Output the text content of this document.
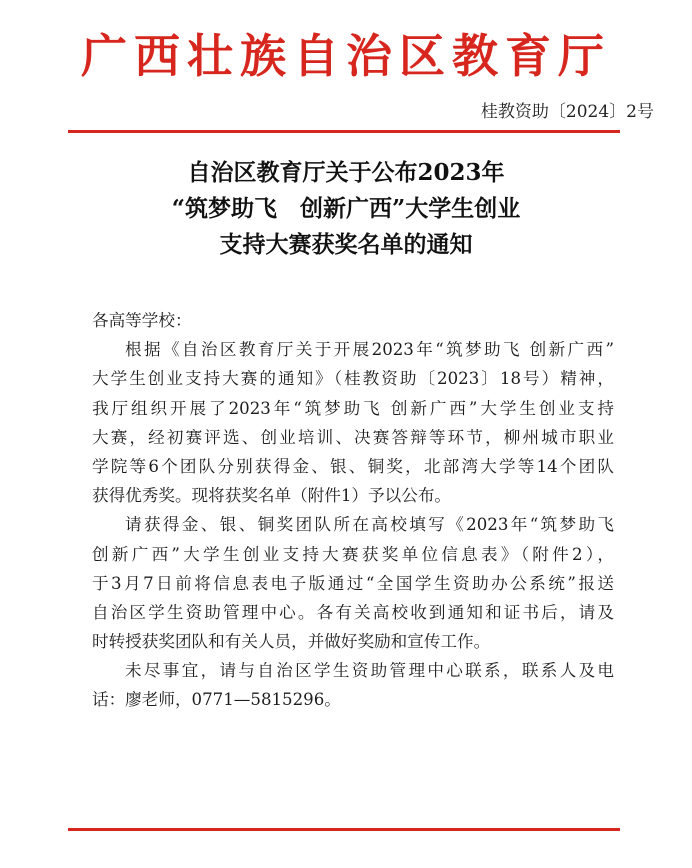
广西壮族自治区教育厅
桂教资助〔2024〕2号
自治区教育厅关于公布2023年
“筑梦助飞　创新广西”大学生创业
支持大赛获奖名单的通知
各高等学校：
根据《自治区教育厅关于开展2023年“筑梦助飞 创新广西”
大学生创业支持大赛的通知》（桂教资助〔2023〕18号）精神，
我厅组织开展了2023年“筑梦助飞 创新广西”大学生创业支持
大赛，经初赛评选、创业培训、决赛答辩等环节，柳州城市职业
学院等6个团队分别获得金、银、铜奖，北部湾大学等14个团队
获得优秀奖。现将获奖名单（附件1）予以公布。
请获得金、银、铜奖团队所在高校填写《2023年“筑梦助飞
创新广西”大学生创业支持大赛获奖单位信息表》（附件2），
于3月7日前将信息表电子版通过“全国学生资助办公系统”报送
自治区学生资助管理中心。各有关高校收到通知和证书后，请及
时转授获奖团队和有关人员，并做好奖励和宣传工作。
未尽事宜，请与自治区学生资助管理中心联系，联系人及电
话：廖老师，0771—5815296。
